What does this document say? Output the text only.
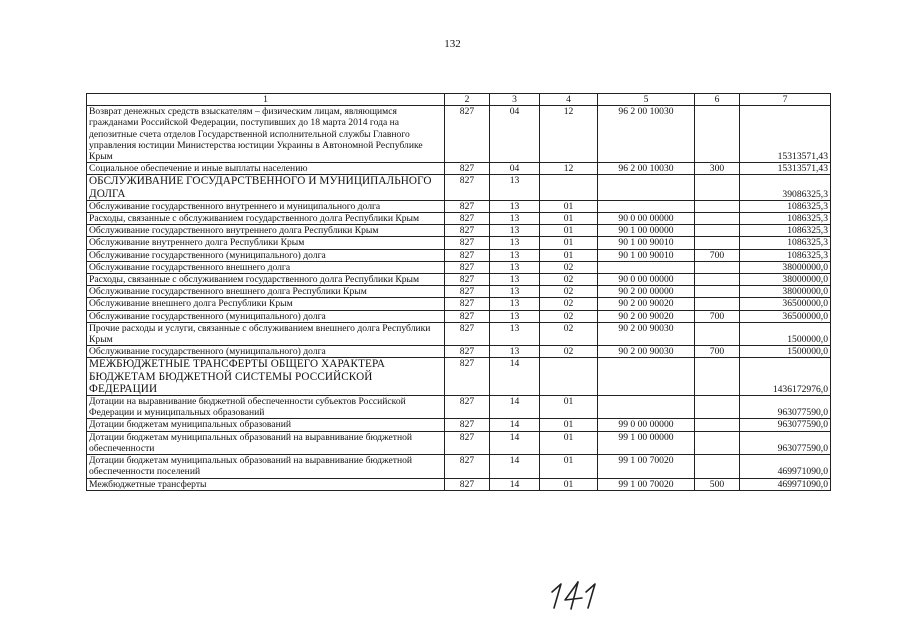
132
1	2	3	4	5	6	7
Возврат денежных средств взыскателям – физическим лицам, являющимся гражданами Российской Федерации, поступивших до 18 марта 2014 года на депозитные счета отделов Государственной исполнительной службы Главного управления юстиции Министерства юстиции Украины в Автономной Республике Крым	827	04	12	96 2 00 10030		15313571,43
Социальное обеспечение и иные выплаты населению	827	04	12	96 2 00 10030	300	15313571,43
ОБСЛУЖИВАНИЕ ГОСУДАРСТВЕННОГО И МУНИЦИПАЛЬНОГО ДОЛГА	827	13				39086325,3
Обслуживание государственного внутреннего и муниципального долга	827	13	01			1086325,3
Расходы, связанные с обслуживанием государственного долга Республики Крым	827	13	01	90 0 00 00000		1086325,3
Обслуживание государственного внутреннего долга Республики Крым	827	13	01	90 1 00 00000		1086325,3
Обслуживание внутреннего долга Республики Крым	827	13	01	90 1 00 90010		1086325,3
Обслуживание государственного (муниципального) долга	827	13	01	90 1 00 90010	700	1086325,3
Обслуживание государственного внешнего долга	827	13	02			38000000,0
Расходы, связанные с обслуживанием государственного долга Республики Крым	827	13	02	90 0 00 00000		38000000,0
Обслуживание государственного внешнего долга Республики Крым	827	13	02	90 2 00 00000		38000000,0
Обслуживание внешнего долга Республики Крым	827	13	02	90 2 00 90020		36500000,0
Обслуживание государственного (муниципального) долга	827	13	02	90 2 00 90020	700	36500000,0
Прочие расходы и услуги, связанные с обслуживанием внешнего долга Республики Крым	827	13	02	90 2 00 90030		1500000,0
Обслуживание государственного (муниципального) долга	827	13	02	90 2 00 90030	700	1500000,0
МЕЖБЮДЖЕТНЫЕ ТРАНСФЕРТЫ ОБЩЕГО ХАРАКТЕРА БЮДЖЕТАМ БЮДЖЕТНОЙ СИСТЕМЫ РОССИЙСКОЙ ФЕДЕРАЦИИ	827	14				1436172976,0
Дотации на выравнивание бюджетной обеспеченности субъектов Российской Федерации и муниципальных образований	827	14	01			963077590,0
Дотации бюджетам муниципальных образований	827	14	01	99 0 00 00000		963077590,0
Дотации бюджетам муниципальных образований на выравнивание бюджетной обеспеченности	827	14	01	99 1 00 00000		963077590,0
Дотации бюджетам муниципальных образований на выравнивание бюджетной обеспеченности поселений	827	14	01	99 1 00 70020		469971090,0
Межбюджетные трансферты	827	14	01	99 1 00 70020	500	469971090,0
